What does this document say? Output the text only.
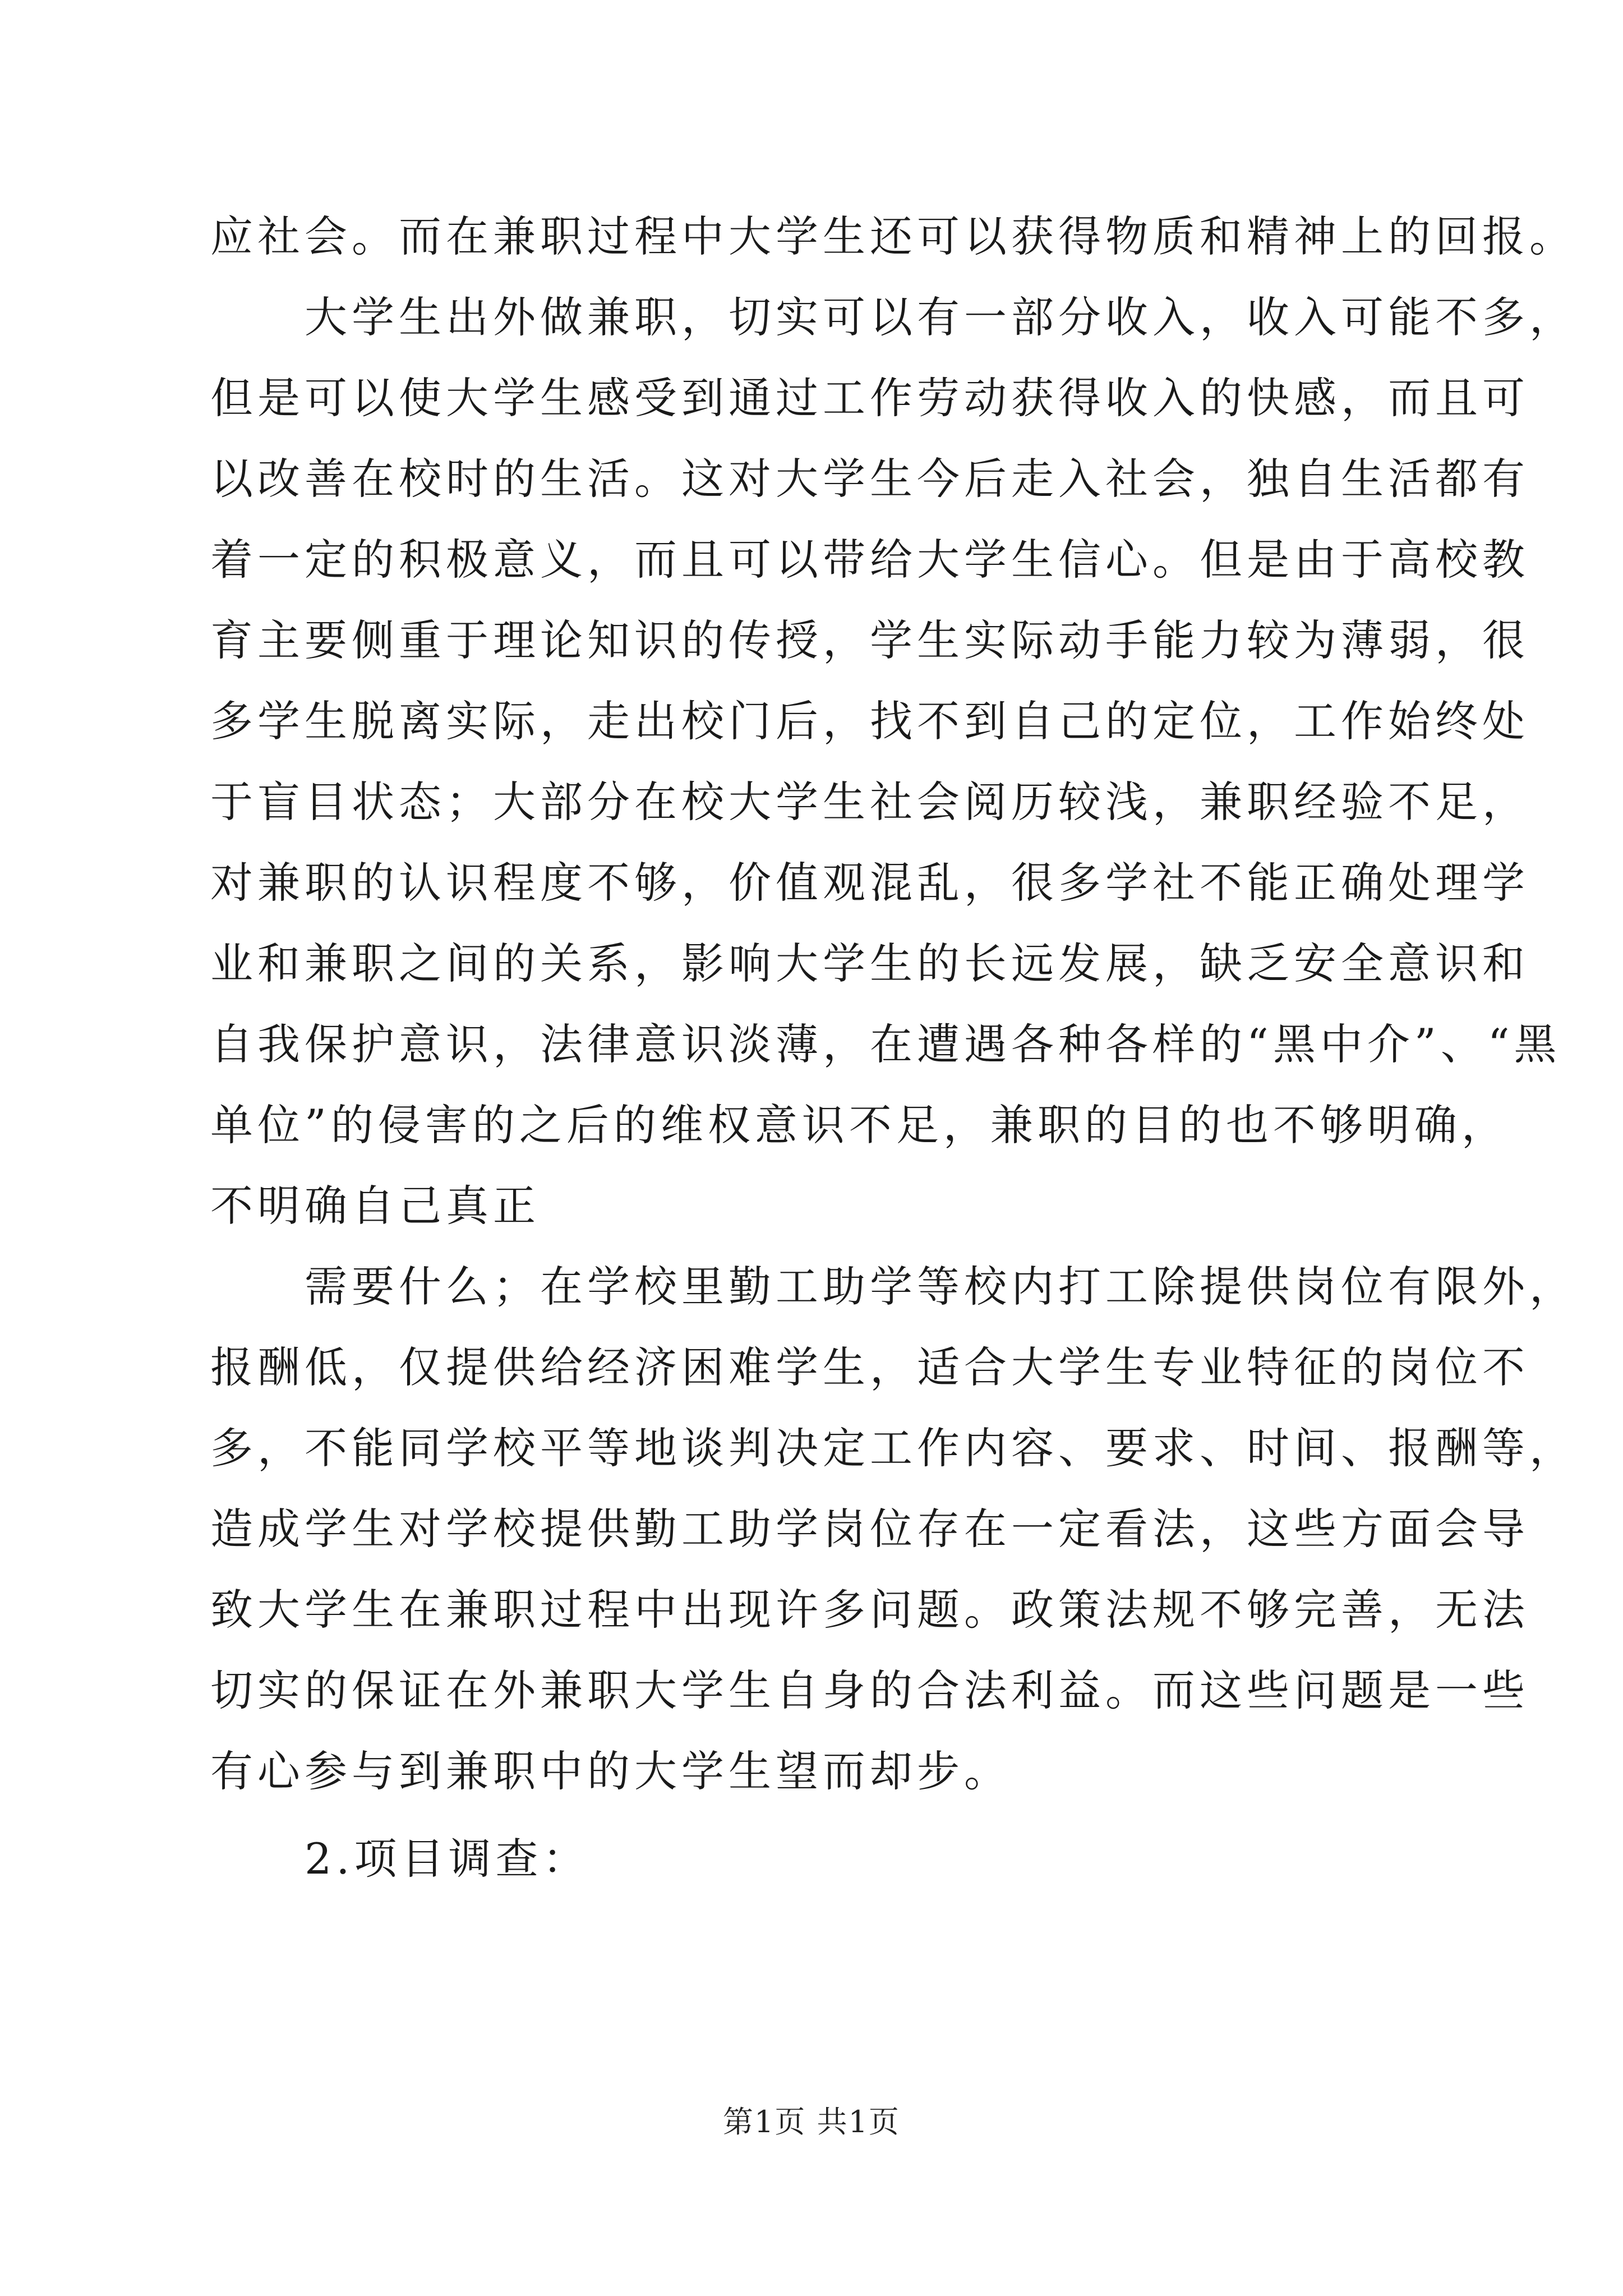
应社会。而在兼职过程中大学生还可以获得物质和精神上的回报。

大学生出外做兼职，切实可以有一部分收入，收入可能不多，

但是可以使大学生感受到通过工作劳动获得收入的快感，而且可

以改善在校时的生活。这对大学生今后走入社会，独自生活都有

着一定的积极意义，而且可以带给大学生信心。但是由于高校教

育主要侧重于理论知识的传授，学生实际动手能力较为薄弱，很

多学生脱离实际，走出校门后，找不到自己的定位，工作始终处

于盲目状态；大部分在校大学生社会阅历较浅，兼职经验不足，

对兼职的认识程度不够，价值观混乱，很多学社不能正确处理学

业和兼职之间的关系，影响大学生的长远发展，缺乏安全意识和

自我保护意识，法律意识淡薄，在遭遇各种各样的“黑中介”、“黑

单位”的侵害的之后的维权意识不足，兼职的目的也不够明确，

不明确自己真正

需要什么；在学校里勤工助学等校内打工除提供岗位有限外，

报酬低，仅提供给经济困难学生，适合大学生专业特征的岗位不

多，不能同学校平等地谈判决定工作内容、要求、时间、报酬等，

造成学生对学校提供勤工助学岗位存在一定看法，这些方面会导

致大学生在兼职过程中出现许多问题。政策法规不够完善，无法

切实的保证在外兼职大学生自身的合法利益。而这些问题是一些

有心参与到兼职中的大学生望而却步。

2.项目调查：

第1页 共1页
